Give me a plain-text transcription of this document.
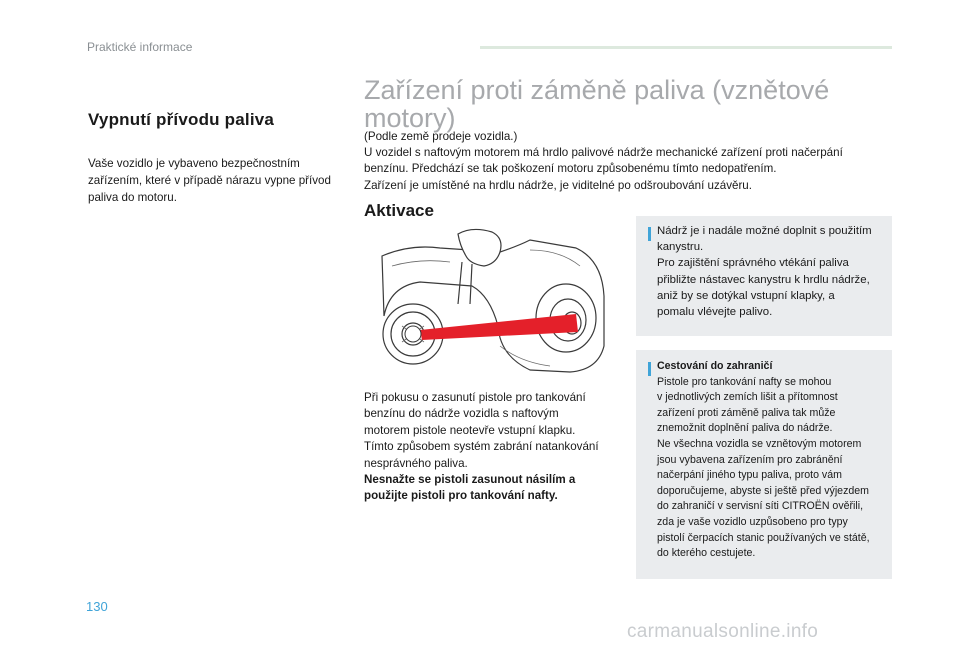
Praktické informace
Vypnutí přívodu paliva
Vaše vozidlo je vybaveno bezpečnostním
zařízením, které v případě nárazu vypne přívod
paliva do motoru.
Zařízení proti záměně paliva (vznětové motory)
(Podle země prodeje vozidla.)
U vozidel s naftovým motorem má hrdlo palivové nádrže mechanické zařízení proti načerpání
benzínu. Předchází se tak poškození motoru způsobenému tímto nedopatřením.
Zařízení je umístěné na hrdlu nádrže, je viditelné po odšroubování uzávěru.
Aktivace
Při pokusu o zasunutí pistole pro tankování
benzínu do nádrže vozidla s naftovým
motorem pistole neotevře vstupní klapku.
Tímto způsobem systém zabrání natankování
nesprávného paliva.
Nesnažte se pistoli zasunout násilím a
použijte pistoli pro tankování nafty.
Nádrž je i nadále možné doplnit s použitím
kanystru.
Pro zajištění správného vtékání paliva
přibližte nástavec kanystru k hrdlu nádrže,
aniž by se dotýkal vstupní klapky, a
pomalu vlévejte palivo.
Cestování do zahraničí
Pistole pro tankování nafty se mohou
v jednotlivých zemích lišit a přítomnost
zařízení proti záměně paliva tak může
znemožnit doplnění paliva do nádrže.
Ne všechna vozidla se vznětovým motorem
jsou vybavena zařízením pro zabránění
načerpání jiného typu paliva, proto vám
doporučujeme, abyste si ještě před výjezdem
do zahraničí v servisní síti CITROËN ověřili,
zda je vaše vozidlo uzpůsobeno pro typy
pistolí čerpacích stanic používaných ve státě,
do kterého cestujete.
130
carmanualsonline.info
